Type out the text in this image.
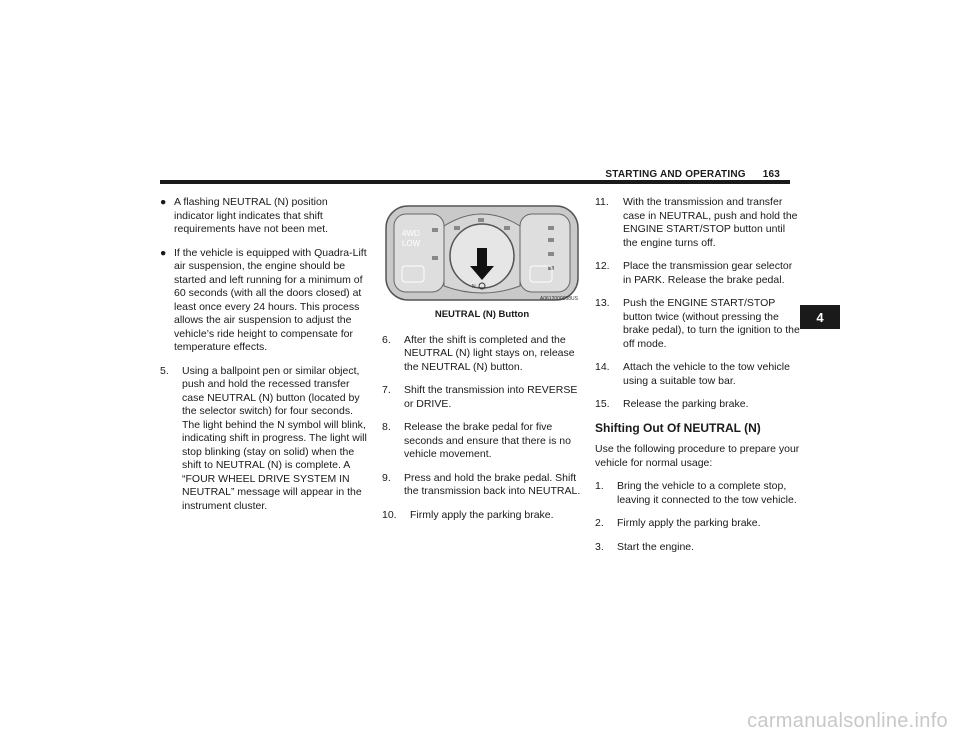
STARTING AND OPERATING 163
● A flashing NEUTRAL (N) position indicator light indicates that shift requirements have not been met.
● If the vehicle is equipped with Quadra-Lift air suspension, the engine should be started and left running for a minimum of 60 seconds (with all the doors closed) at least once every 24 hours. This process allows the air suspension to adjust the vehicle’s ride height to compensate for temperature effects.
5. Using a ballpoint pen or similar object, push and hold the recessed transfer case NEUTRAL (N) button (located by the selector switch) for four seconds. The light behind the N symbol will blink, indicating shift in progress. The light will stop blinking (stay on solid) when the shift to NEUTRAL (N) is complete. A “FOUR WHEEL DRIVE SYSTEM IN NEUTRAL” message will appear in the instrument cluster.
4WD
LOW
N
A0612000058US
NEUTRAL (N) Button
6. After the shift is completed and the NEUTRAL (N) light stays on, release the NEUTRAL (N) button.
7. Shift the transmission into REVERSE or DRIVE.
8. Release the brake pedal for five seconds and ensure that there is no vehicle movement.
9. Press and hold the brake pedal. Shift the transmission back into NEUTRAL.
10. Firmly apply the parking brake.
11. With the transmission and transfer case in NEUTRAL, push and hold the ENGINE START/STOP button until the engine turns off.
12. Place the transmission gear selector in PARK. Release the brake pedal.
13. Push the ENGINE START/STOP button twice (without pressing the brake pedal), to turn the ignition to the off mode.
14. Attach the vehicle to the tow vehicle using a suitable tow bar.
15. Release the parking brake.
Shifting Out Of NEUTRAL (N)

Use the following procedure to prepare your vehicle for normal usage:

1. Bring the vehicle to a complete stop, leaving it connected to the tow vehicle.
2. Firmly apply the parking brake.
3. Start the engine.
4
carmanualsonline.info
